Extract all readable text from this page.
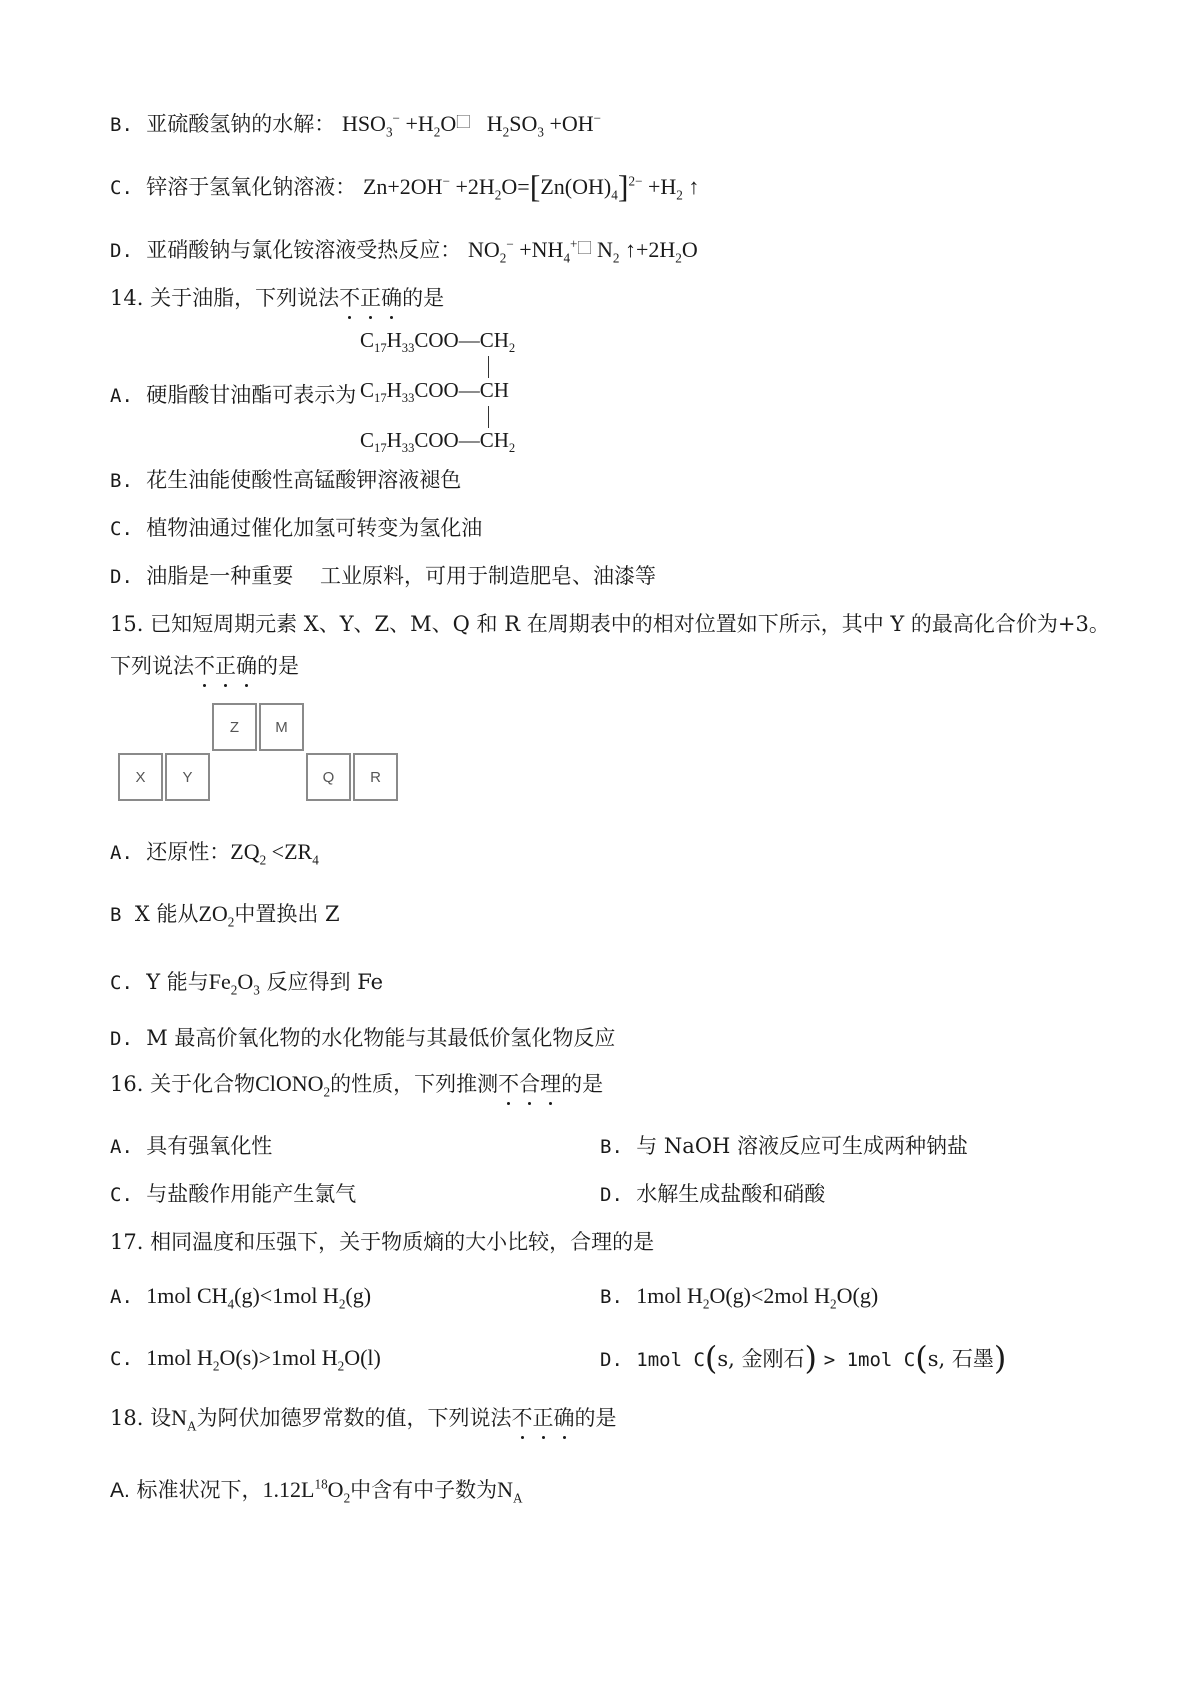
B. 亚硫酸氢钠的水解： $HSO_3^-$ $+H_2O⃞$ $H_2SO_3 +OH^-$
C. 锌溶于氢氧化钠溶液： $Zn+2OH^- +2H_2O=[Zn(OH)_4]^{2-} +H_2$ ↑
D. 亚硝酸钠与氯化铵溶液受热反应： $NO_2^-$ $+NH_4^+⃞$ $N_2$ $↑+2H_2O$
14. 关于油脂，下列说法不正确的是
A. 硬脂酸甘油酯可表示为
$C_{17}H_{33}COO—CH_2$
$C_{17}H_{33}COO—CH$
$C_{17}H_{33}COO—CH_2$
B. 花生油能使酸性高锰酸钾溶液褪色
C. 植物油通过催化加氢可转变为氢化油
D. 油脂是一种重要    工业原料，可用于制造肥皂、油漆等
15. 已知短周期元素 X、Y、Z、M、Q 和 R 在周期表中的相对位置如下所示，其中 Y 的最高化合价为+3。
下列说法不正确的是
Z	M
X	Y	Q	R
A. 还原性：$ZQ_2 <ZR_4$
B X 能从$ZO_2$中置换出 Z
C. Y 能与$Fe_2O_3$ 反应得到 Fe
D. M 最高价氧化物的水化物能与其最低价氢化物反应
16. 关于化合物ClONO$_2$的性质，下列推测不合理的是
A. 具有强氧化性	B. 与 NaOH 溶液反应可生成两种钠盐
C. 与盐酸作用能产生氯气	D. 水解生成盐酸和硝酸
17. 相同温度和压强下，关于物质熵的大小比较，合理的是
A. 1mol $CH_4(g)<1mol$ $H_2(g)$	B. 1mol $H_2O(g)<2mol$ $H_2O(g)$
C. 1mol $H_2O(s)>1mol$ $H_2O(l)$	D. 1mol C(s, 金刚石) > 1mol C(s, 石墨)
18. 设$N_A$为阿伏加德罗常数的值，下列说法不正确的是
A. 标准状况下，$1.12L^{18}O_2$中含有中子数为$N_A$
